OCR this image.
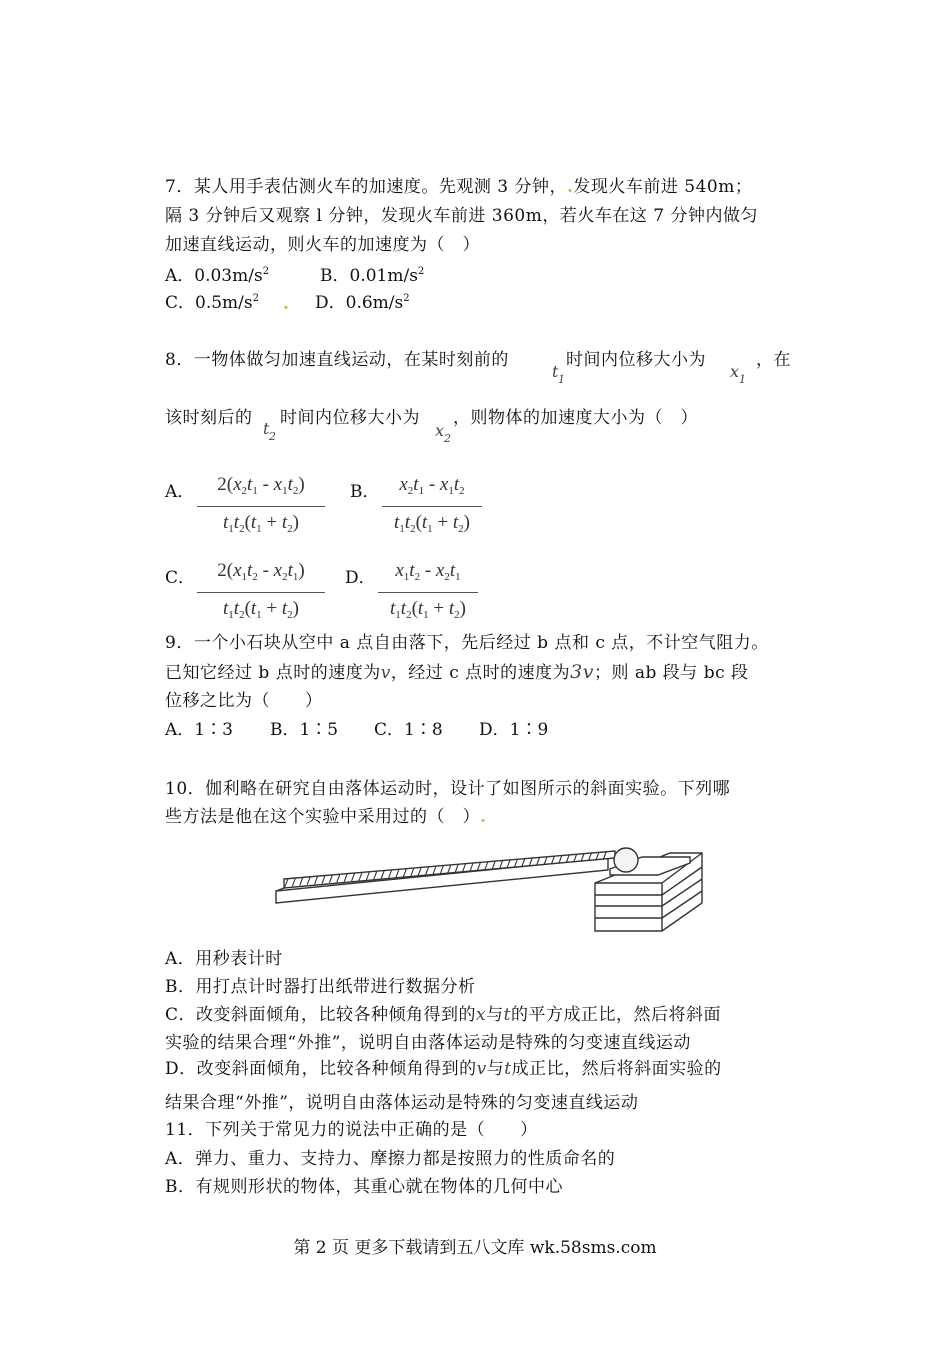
7．某人用手表估测火车的加速度。先观测 3 分钟，.发现火车前进 540m；
隔 3 分钟后又观察 l 分钟，发现火车前进 360m，若火车在这 7 分钟内做匀
加速直线运动，则火车的加速度为（　）
A．$0.03m/s^2$	B．$0.01m/s^2$
C．$0.5m/s^2$ . D．$0.6m/s^2$
8．一物体做匀加速直线运动，在某时刻前的
t 1
时间内位移大小为
x 1
，在
该时刻后的
t 2
时间内位移大小为
x 2
，则物体的加速度大小为（　）
A．	$2(x_2t_1 - x_1t_2)$
$t_1t_2(t_1 + t_2)$
B．	$x_2t_1 - x_1t_2$
$t_1t_2(t_1 + t_2)$
C．	$2(x_1t_2 - x_2t_1)$
$t_1t_2(t_1 + t_2)$
D．	$x_1t_2 - x_2t_1$
$t_1t_2(t_1 + t_2)$
9．一个小石块从空中 a 点自由落下，先后经过 b 点和 c 点，不计空气阻力。
已知它经过 b 点时的速度为v，经过 c 点时的速度为3v；则 ab 段与 bc 段
位移之比为（　　）
A．1∶3 B．1∶5 C．1∶8 D．1∶9
10．伽利略在研究自由落体运动时，设计了如图所示的斜面实验。下列哪
些方法是他在这个实验中采用过的（　）.
A．用秒表计时
B．用打点计时器打出纸带进行数据分析
C．改变斜面倾角，比较各种倾角得到的x与t的平方成正比，然后将斜面
实验的结果合理“外推”，说明自由落体运动是特殊的匀变速直线运动
D．改变斜面倾角，比较各种倾角得到的v与t成正比，然后将斜面实验的
结果合理“外推”，说明自由落体运动是特殊的匀变速直线运动
11．下列关于常见力的说法中正确的是（　　）
A．弹力、重力、支持力、摩擦力都是按照力的性质命名的
B．有规则形状的物体，其重心就在物体的几何中心
第 2 页 更多下载请到五八文库 wk.58sms.com
